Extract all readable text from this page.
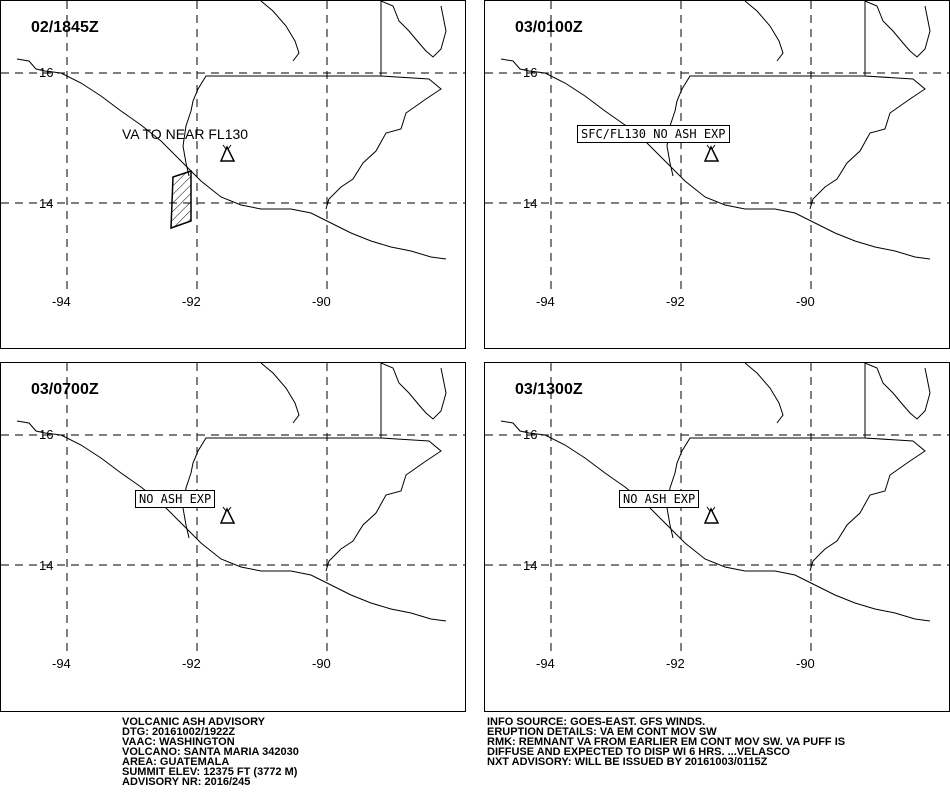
02/1845Z
16
14
-94	-92	-90
VA TO NEAR FL130
03/0100Z
16
14
-94	-92	-90
SFC/FL130 NO ASH EXP
03/0700Z
16
14
-94	-92	-90
NO ASH EXP
03/1300Z
16
14
-94	-92	-90
NO ASH EXP
VOLCANIC ASH ADVISORY
DTG: 20161002/1922Z
VAAC: WASHINGTON
VOLCANO: SANTA MARIA 342030
AREA: GUATEMALA
SUMMIT ELEV: 12375 FT (3772 M)
ADVISORY NR: 2016/245
INFO SOURCE: GOES-EAST. GFS WINDS.
ERUPTION DETAILS: VA EM CONT MOV SW
RMK: REMNANT VA FROM EARLIER EM CONT MOV SW. VA PUFF IS
DIFFUSE AND EXPECTED TO DISP WI 6 HRS. ...VELASCO
NXT ADVISORY: WILL BE ISSUED BY 20161003/0115Z
